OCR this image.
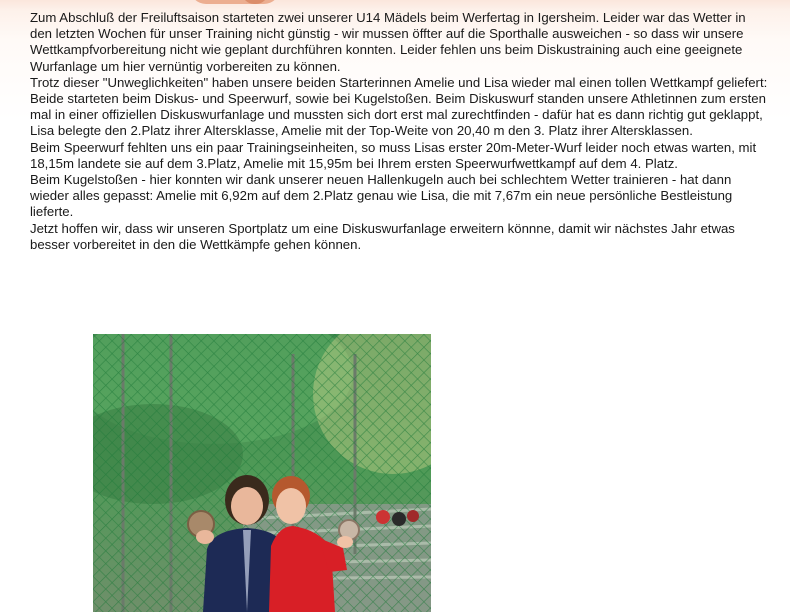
Zum Abschluß der Freiluftsaison starteten zwei unserer U14 Mädels beim Werfertag in Igersheim. Leider war das Wetter in den letzten Wochen für unser Training nicht günstig - wir mussen öffter auf die Sporthalle ausweichen - so dass wir unsere Wettkampfvorbereitung nicht wie geplant durchführen konnten. Leider fehlen uns beim Diskustraining auch eine geeignete Wurfanlage um hier vernüntig vorbereiten zu können.

Trotz dieser "Unweglichkeiten" haben unsere beiden Starterinnen Amelie und Lisa wieder mal einen tollen Wettkampf geliefert:

Beide starteten beim Diskus- und Speerwurf, sowie bei Kugelstoßen. Beim Diskuswurf standen unsere Athletinnen zum ersten mal in einer offiziellen Diskuswurfanlage und mussten sich dort erst mal zurechtfinden - dafür hat es dann richtig gut geklappt, Lisa belegte den 2.Platz ihrer Altersklasse, Amelie mit der Top-Weite von 20,40 m den 3. Platz ihrer Altersklassen.

Beim Speerwurf fehlten uns ein paar Trainingseinheiten, so muss Lisas erster 20m-Meter-Wurf leider noch etwas warten, mit 18,15m landete sie auf dem 3.Platz, Amelie mit 15,95m bei Ihrem ersten Speerwurfwettkampf auf dem 4. Platz.

Beim Kugelstoßen - hier konnten wir dank unserer neuen Hallenkugeln auch bei schlechtem Wetter trainieren - hat dann wieder alles gepasst: Amelie mit 6,92m auf dem 2.Platz genau wie Lisa, die mit 7,67m ein neue persönliche Bestleistung lieferte.

Jetzt hoffen wir, dass wir unseren Sportplatz um eine Diskuswurfanlage erweitern könnne, damit wir nächstes Jahr etwas besser vorbereitet in den die Wettkämpfe gehen können.
